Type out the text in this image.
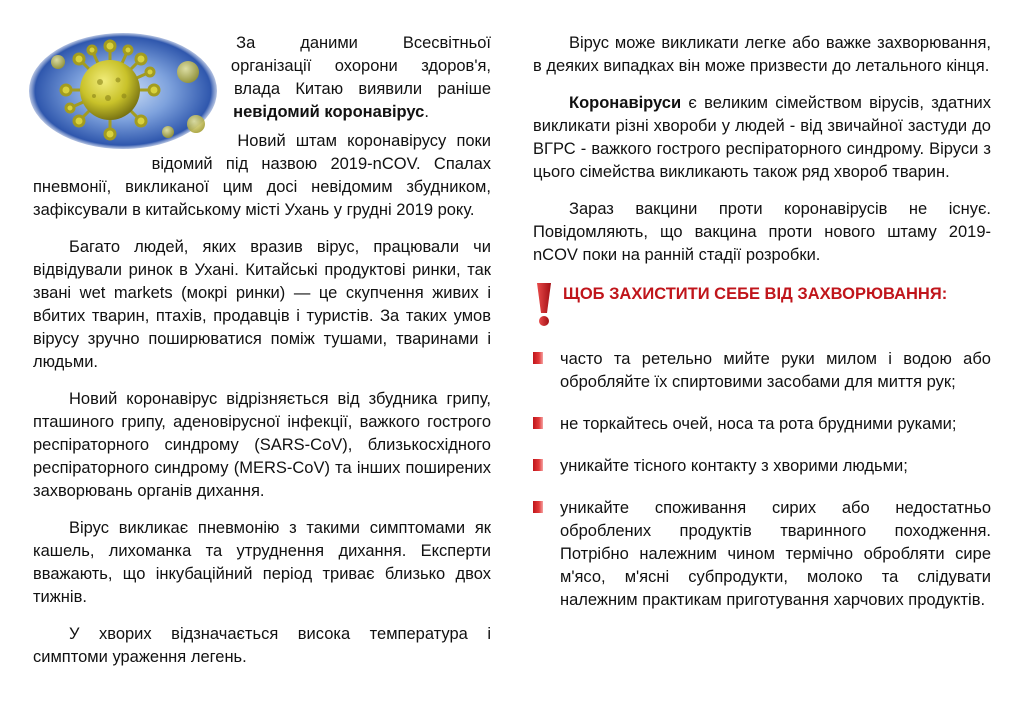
За даними Всесвітньої організації охорони здоров'я, влада Китаю виявили раніше невідомий коронавірус.

Новий штам коронавірусу поки відомий під назвою 2019-nCOV. Спалах пневмонії, викликаної цим досі невідомим збудником, зафіксували в китайському місті Ухань у грудні 2019 року.

Багато людей, яких вразив вірус, працювали чи відвідували ринок в Ухані. Китайські продуктові ринки, так звані wet markets (мокрі ринки) — це скупчення живих і вбитих тварин, птахів, продавців і туристів. За таких умов вірусу зручно поширюватися поміж тушами, тваринами і людьми.

Новий коронавірус відрізняється від збудника грипу, пташиного грипу, аденовірусної інфекції, важкого гострого респіраторного синдрому (SARS-CoV), близькосхідного респіраторного синдрому (MERS-CoV) та інших поширених захворювань органів дихання.

Вірус викликає пневмонію з такими симптомами як кашель, лихоманка та утруднення дихання. Експерти вважають, що інкубаційний період триває близько двох тижнів.

У хворих відзначається висока температура і симптоми ураження легень.

Вірус може викликати легке або важке захворювання, в деяких випадках він може призвести до летального кінця.

Коронавіруси є великим сімейством вірусів, здатних викликати різні хвороби у людей - від звичайної застуди до ВГРС - важкого гострого респіраторного синдрому. Віруси з цього сімейства викликають також ряд хвороб тварин.

Зараз вакцини проти коронавірусів не існує. Повідомляють, що вакцина проти нового штаму 2019-nCOV поки на ранній стадії розробки.

ЩОБ ЗАХИСТИТИ СЕБЕ ВІД ЗАХВОРЮВАННЯ:
часто та ретельно мийте руки милом і водою або обробляйте їх спиртовими засобами для миття рук;
не торкайтесь очей, носа та рота брудними руками;
уникайте тісного контакту з хворими людьми;
уникайте споживання сирих або недостатньо оброблених продуктів тваринного походження. Потрібно належним чином термічно обробляти сире м'ясо, м'ясні субпродукти, молоко та слідувати належним практикам приготування харчових продуктів.
